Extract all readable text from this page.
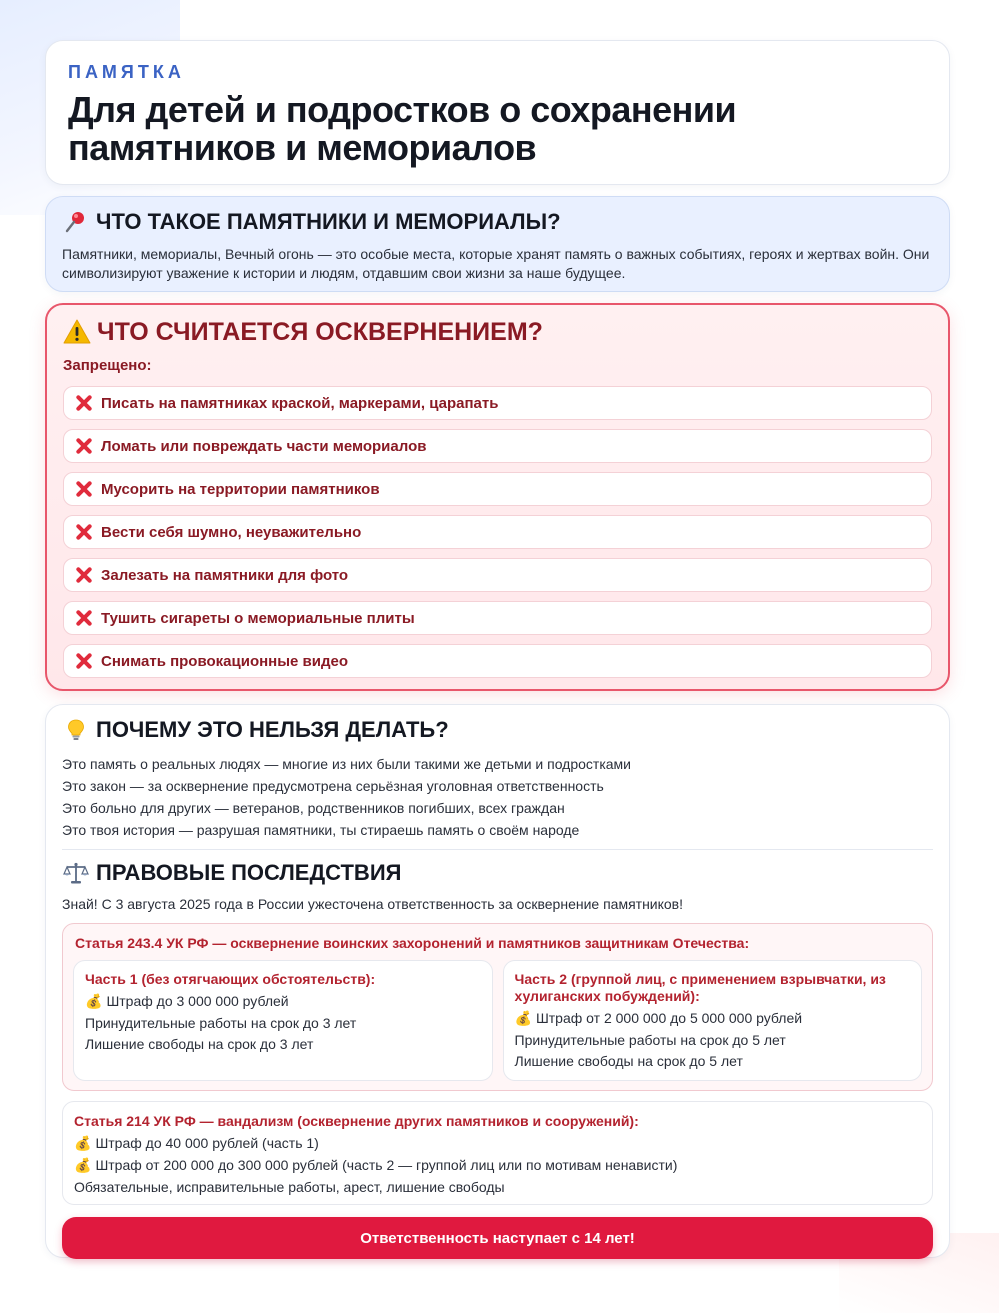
ПАМЯТКА
Для детей и подростков о сохранении
памятников и мемориалов
ЧТО ТАКОЕ ПАМЯТНИКИ И МЕМОРИАЛЫ?
Памятники, мемориалы, Вечный огонь — это особые места, которые хранят память о важных событиях, героях и жертвах войн. Они символизируют уважение к истории и людям, отдавшим свои жизни за наше будущее.
ЧТО СЧИТАЕТСЯ ОСКВЕРНЕНИЕМ?
Запрещено:
Писать на памятниках краской, маркерами, царапать
Ломать или повреждать части мемориалов
Мусорить на территории памятников
Вести себя шумно, неуважительно
Залезать на памятники для фото
Тушить сигареты о мемориальные плиты
Снимать провокационные видео
ПОЧЕМУ ЭТО НЕЛЬЗЯ ДЕЛАТЬ?
Это память о реальных людях — многие из них были такими же детьми и подростками
Это закон — за осквернение предусмотрена серьёзная уголовная ответственность
Это больно для других — ветеранов, родственников погибших, всех граждан
Это твоя история — разрушая памятники, ты стираешь память о своём народе
ПРАВОВЫЕ ПОСЛЕДСТВИЯ
Знай! С 3 августа 2025 года в России ужесточена ответственность за осквернение памятников!
Статья 243.4 УК РФ — осквернение воинских захоронений и памятников защитникам Отечества:
Часть 1 (без отягчающих обстоятельств):
💰 Штраф до 3 000 000 рублей
Принудительные работы на срок до 3 лет
Лишение свободы на срок до 3 лет
Часть 2 (группой лиц, с применением взрывчатки, из хулиганских побуждений):
💰 Штраф от 2 000 000 до 5 000 000 рублей
Принудительные работы на срок до 5 лет
Лишение свободы на срок до 5 лет
Статья 214 УК РФ — вандализм (осквернение других памятников и сооружений):
💰 Штраф до 40 000 рублей (часть 1)
💰 Штраф от 200 000 до 300 000 рублей (часть 2 — группой лиц или по мотивам ненависти)
Обязательные, исправительные работы, арест, лишение свободы
Ответственность наступает с 14 лет!
